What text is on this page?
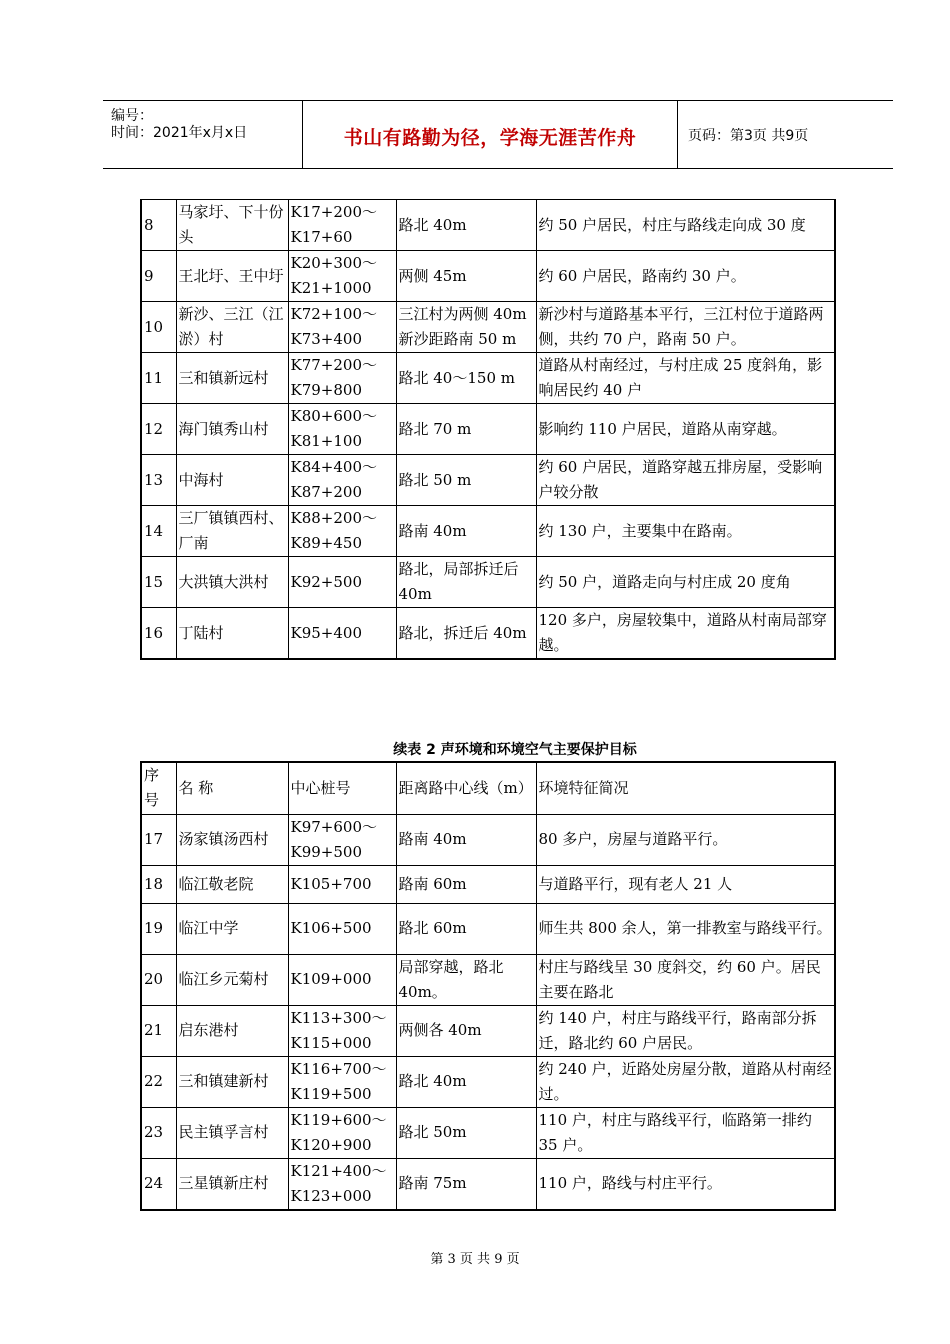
编号：
时间：2021年x月x日	书山有路勤为径，学海无涯苦作舟	页码：第3页 共9页
8	马家圩、下十份头	K17+200～K17+60	路北 40m	约 50 户居民，村庄与路线走向成 30 度
9	王北圩、王中圩	K20+300～K21+1000	两侧 45m	约 60 户居民，路南约 30 户。
10	新沙、三江（江淤）村	K72+100～K73+400	三江村为两侧 40m 新沙距路南 50 m	新沙村与道路基本平行，三江村位于道路两侧，共约 70 户，路南 50 户。
11	三和镇新远村	K77+200～K79+800	路北 40～150 m	道路从村南经过，与村庄成 25 度斜角，影响居民约 40 户
12	海门镇秀山村	K80+600～K81+100	路北 70 m	影响约 110 户居民，道路从南穿越。
13	中海村	K84+400～K87+200	路北 50 m	约 60 户居民，道路穿越五排房屋，受影响户较分散
14	三厂镇镇西村、厂南	K88+200～K89+450	路南 40m	约 130 户，主要集中在路南。
15	大洪镇大洪村	K92+500	路北，局部拆迁后 40m	约 50 户，道路走向与村庄成 20 度角
16	丁陆村	K95+400	路北，拆迁后 40m	120 多户，房屋较集中，道路从村南局部穿越。
续表 2 声环境和环境空气主要保护目标
序号	名 称	中心桩号	距离路中心线（m）	环境特征简况
17	汤家镇汤西村	K97+600～K99+500	路南 40m	80 多户，房屋与道路平行。
18	临江敬老院	K105+700	路南 60m	与道路平行，现有老人 21 人
19	临江中学	K106+500	路北 60m	师生共 800 余人，第一排教室与路线平行。
20	临江乡元菊村	K109+000	局部穿越，路北 40m。	村庄与路线呈 30 度斜交，约 60 户。居民主要在路北
21	启东港村	K113+300～K115+000	两侧各 40m	约 140 户，村庄与路线平行，路南部分拆迁，路北约 60 户居民。
22	三和镇建新村	K116+700～K119+500	路北 40m	约 240 户，近路处房屋分散，道路从村南经过。
23	民主镇孚言村	K119+600～K120+900	路北 50m	110 户，村庄与路线平行，临路第一排约 35 户。
24	三星镇新庄村	K121+400～K123+000	路南 75m	110 户，路线与村庄平行。
第 3 页 共 9 页
